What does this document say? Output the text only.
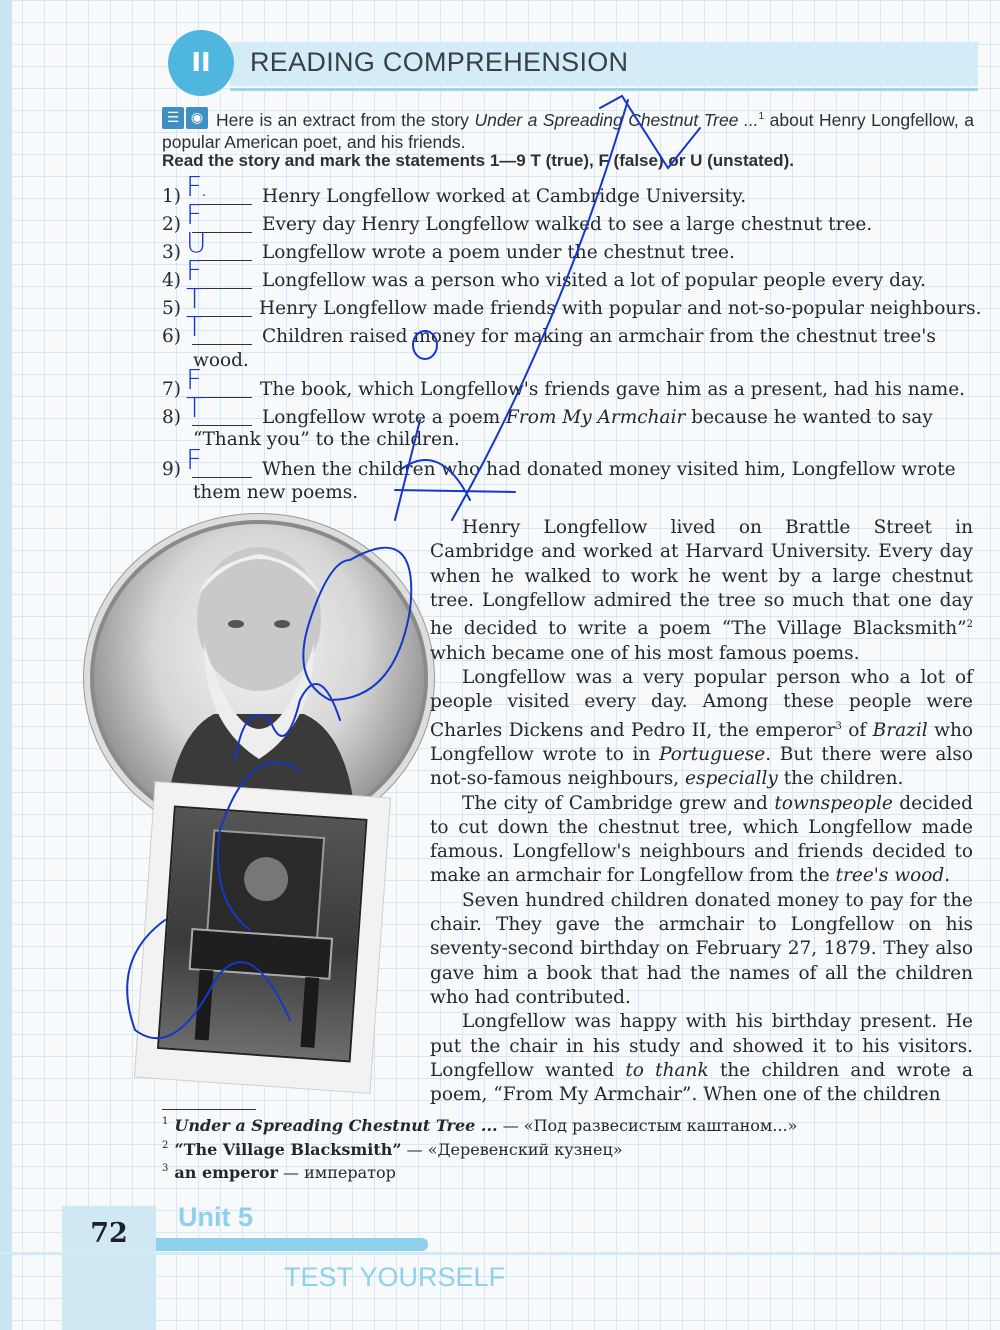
II READING COMPREHENSION
☰ ◉ Here is an extract from the story Under a Spreading Chestnut Tree ...$^1$ about Henry Longfellow, a popular American poet, and his friends.
Read the story and mark the statements 1—9 T (true), F (false) or U (unstated).
1) F.	Henry Longfellow worked at Cambridge University.
2) F	Every day Henry Longfellow walked to see a large chestnut tree.
3) U	Longfellow wrote a poem under the chestnut tree.
4) F	Longfellow was a person who visited a lot of popular people every day.
5) T	Henry Longfellow made friends with popular and not-so-popular neighbours.
6) T	Children raised money for making an armchair from the chestnut tree's
wood.
7) F	The book, which Longfellow's friends gave him as a present, had his name.
8) T	Longfellow wrote a poem From My Armchair because he wanted to say
“Thank you” to the children.
9) F	When the children who had donated money visited him, Longfellow wrote
them new poems.

Henry Longfellow lived on Brattle Street in Cambridge and worked at Harvard University. Every day when he walked to work he went by a large chestnut tree. Longfellow admired the tree so much that one day he decided to write a poem “The Village Blacksmith”$^2$ which became one of his most famous poems.

Longfellow was a very popular person who a lot of people visited every day. Among these people were Charles Dickens and Pedro II, the emperor$^3$ of Brazil who Longfellow wrote to in Portuguese. But there were also not-so-famous neighbours, especially the children.

The city of Cambridge grew and townspeople decided to cut down the chestnut tree, which Longfellow made famous. Longfellow's neighbours and friends decided to make an armchair for Longfellow from the tree's wood.

Seven hundred children donated money to pay for the chair. They gave the armchair to Longfellow on his seventy-second birthday on February 27, 1879. They also gave him a book that had the names of all the children who had contributed.

Longfellow was happy with his birthday present. He put the chair in his study and showed it to his visitors. Longfellow wanted to thank the children and wrote a poem, “From My Armchair”. When one of the children

$^1$ Under a Spreading Chestnut Tree ... — «Под развесистым каштаном...»
$^2$ “The Village Blacksmith” — «Деревенский кузнец»
$^3$ an emperor — император
72
Unit 5
TEST YOURSELF
